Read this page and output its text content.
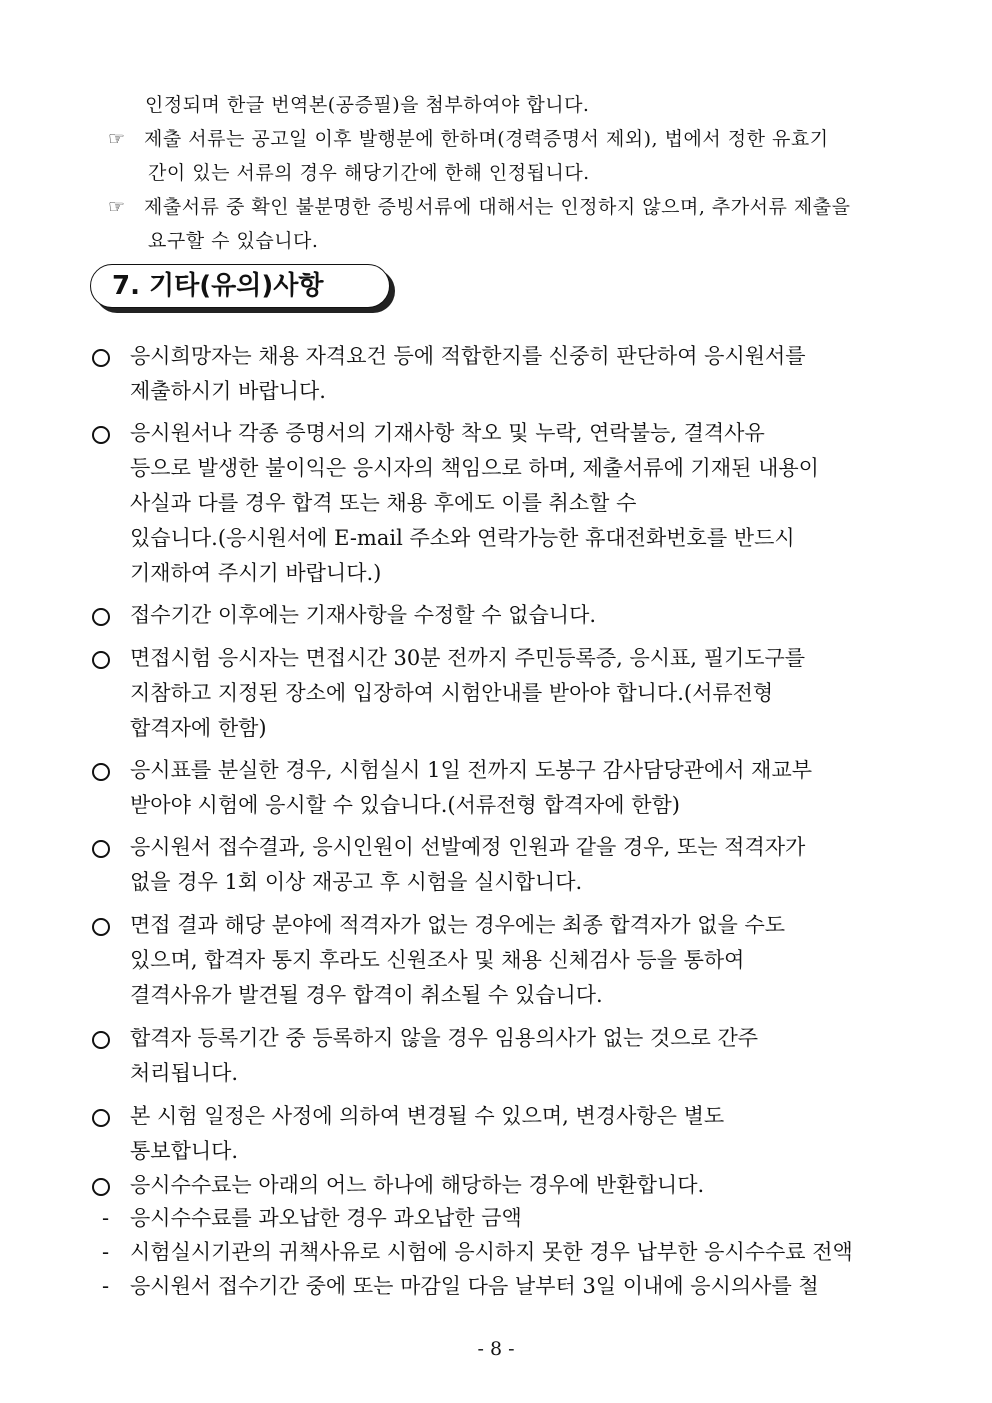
인정되며 한글 번역본(공증필)을 첨부하여야 합니다.
☞ 제출 서류는 공고일 이후 발행분에 한하며(경력증명서 제외), 법에서 정한 유효기
간이 있는 서류의 경우 해당기간에 한해 인정됩니다.
☞ 제출서류 중 확인 불분명한 증빙서류에 대해서는 인정하지 않으며, 추가서류 제출을
요구할 수 있습니다.
7. 기타(유의)사항
응시희망자는 채용 자격요건 등에 적합한지를 신중히 판단하여 응시원서를
제출하시기 바랍니다.
응시원서나 각종 증명서의 기재사항 착오 및 누락, 연락불능, 결격사유
등으로 발생한 불이익은 응시자의 책임으로 하며, 제출서류에 기재된 내용이
사실과 다를 경우 합격 또는 채용 후에도 이를 취소할 수
있습니다.(응시원서에 E-mail 주소와 연락가능한 휴대전화번호를 반드시
기재하여 주시기 바랍니다.)
접수기간 이후에는 기재사항을 수정할 수 없습니다.
면접시험 응시자는 면접시간 30분 전까지 주민등록증, 응시표, 필기도구를
지참하고 지정된 장소에 입장하여 시험안내를 받아야 합니다.(서류전형
합격자에 한함)
응시표를 분실한 경우, 시험실시 1일 전까지 도봉구 감사담당관에서 재교부
받아야 시험에 응시할 수 있습니다.(서류전형 합격자에 한함)
응시원서 접수결과, 응시인원이 선발예정 인원과 같을 경우, 또는 적격자가
없을 경우 1회 이상 재공고 후 시험을 실시합니다.
면접 결과 해당 분야에 적격자가 없는 경우에는 최종 합격자가 없을 수도
있으며, 합격자 통지 후라도 신원조사 및 채용 신체검사 등을 통하여
결격사유가 발견될 경우 합격이 취소될 수 있습니다.
합격자 등록기간 중 등록하지 않을 경우 임용의사가 없는 것으로 간주
처리됩니다.
본 시험 일정은 사정에 의하여 변경될 수 있으며, 변경사항은 별도
통보합니다.
응시수수료는 아래의 어느 하나에 해당하는 경우에 반환합니다.
- 응시수수료를 과오납한 경우 과오납한 금액
- 시험실시기관의 귀책사유로 시험에 응시하지 못한 경우 납부한 응시수수료 전액
- 응시원서 접수기간 중에 또는 마감일 다음 날부터 3일 이내에 응시의사를 철
- 8 -
